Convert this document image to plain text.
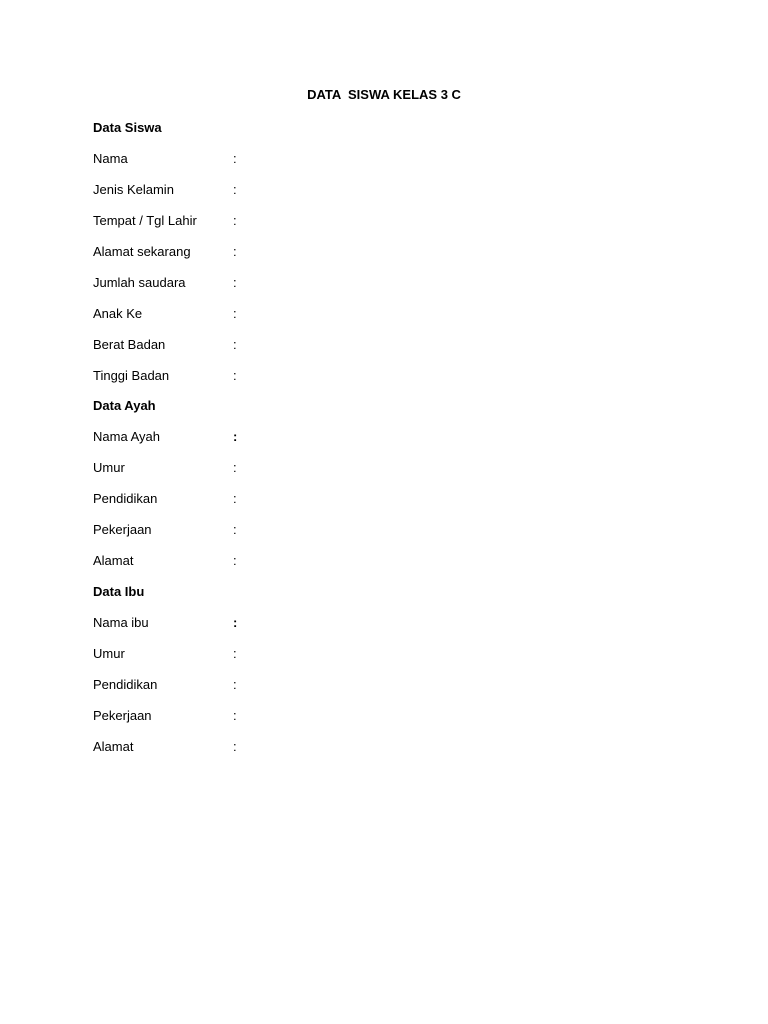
DATA  SISWA KELAS 3 C
Data Siswa
Nama	:
Jenis Kelamin	:
Tempat / Tgl Lahir	:
Alamat sekarang	:
Jumlah saudara	:
Anak Ke	:
Berat Badan	:
Tinggi Badan	:
Data Ayah
Nama Ayah	:
Umur	:
Pendidikan	:
Pekerjaan	:
Alamat	:
Data Ibu
Nama ibu	:
Umur	:
Pendidikan	:
Pekerjaan	:
Alamat	:
